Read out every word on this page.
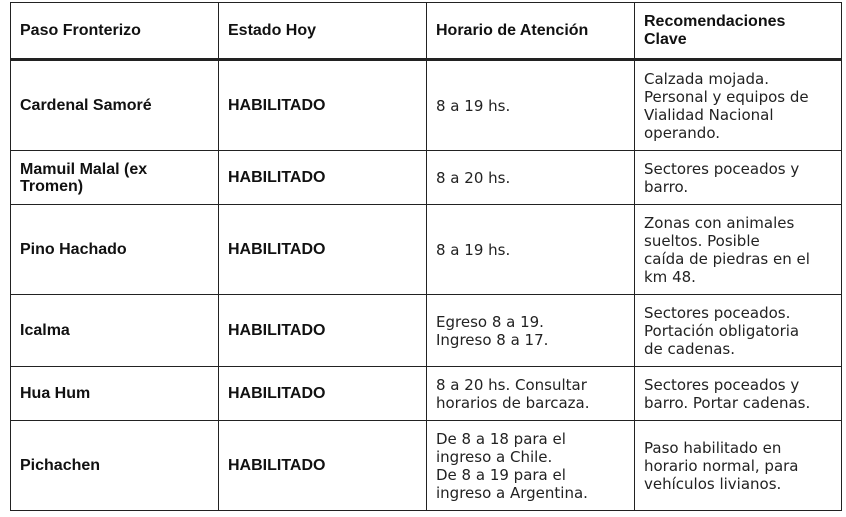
Paso Fronterizo	Estado Hoy	Horario de Atención	Recomendaciones
Clave
Cardenal Samoré	HABILITADO	8 a 19 hs.	Calzada mojada.
Personal y equipos de
Vialidad Nacional
operando.
Mamuil Malal (ex
Tromen)	HABILITADO	8 a 20 hs.	Sectores poceados y
barro.
Pino Hachado	HABILITADO	8 a 19 hs.	Zonas con animales
sueltos. Posible
caída de piedras en el
km 48.
Icalma	HABILITADO	Egreso 8 a 19.
Ingreso 8 a 17.	Sectores poceados.
Portación obligatoria
de cadenas.
Hua Hum	HABILITADO	8 a 20 hs. Consultar
horarios de barcaza.	Sectores poceados y
barro. Portar cadenas.
Pichachen	HABILITADO	De 8 a 18 para el
ingreso a Chile.
De 8 a 19 para el
ingreso a Argentina.	Paso habilitado en
horario normal, para
vehículos livianos.
